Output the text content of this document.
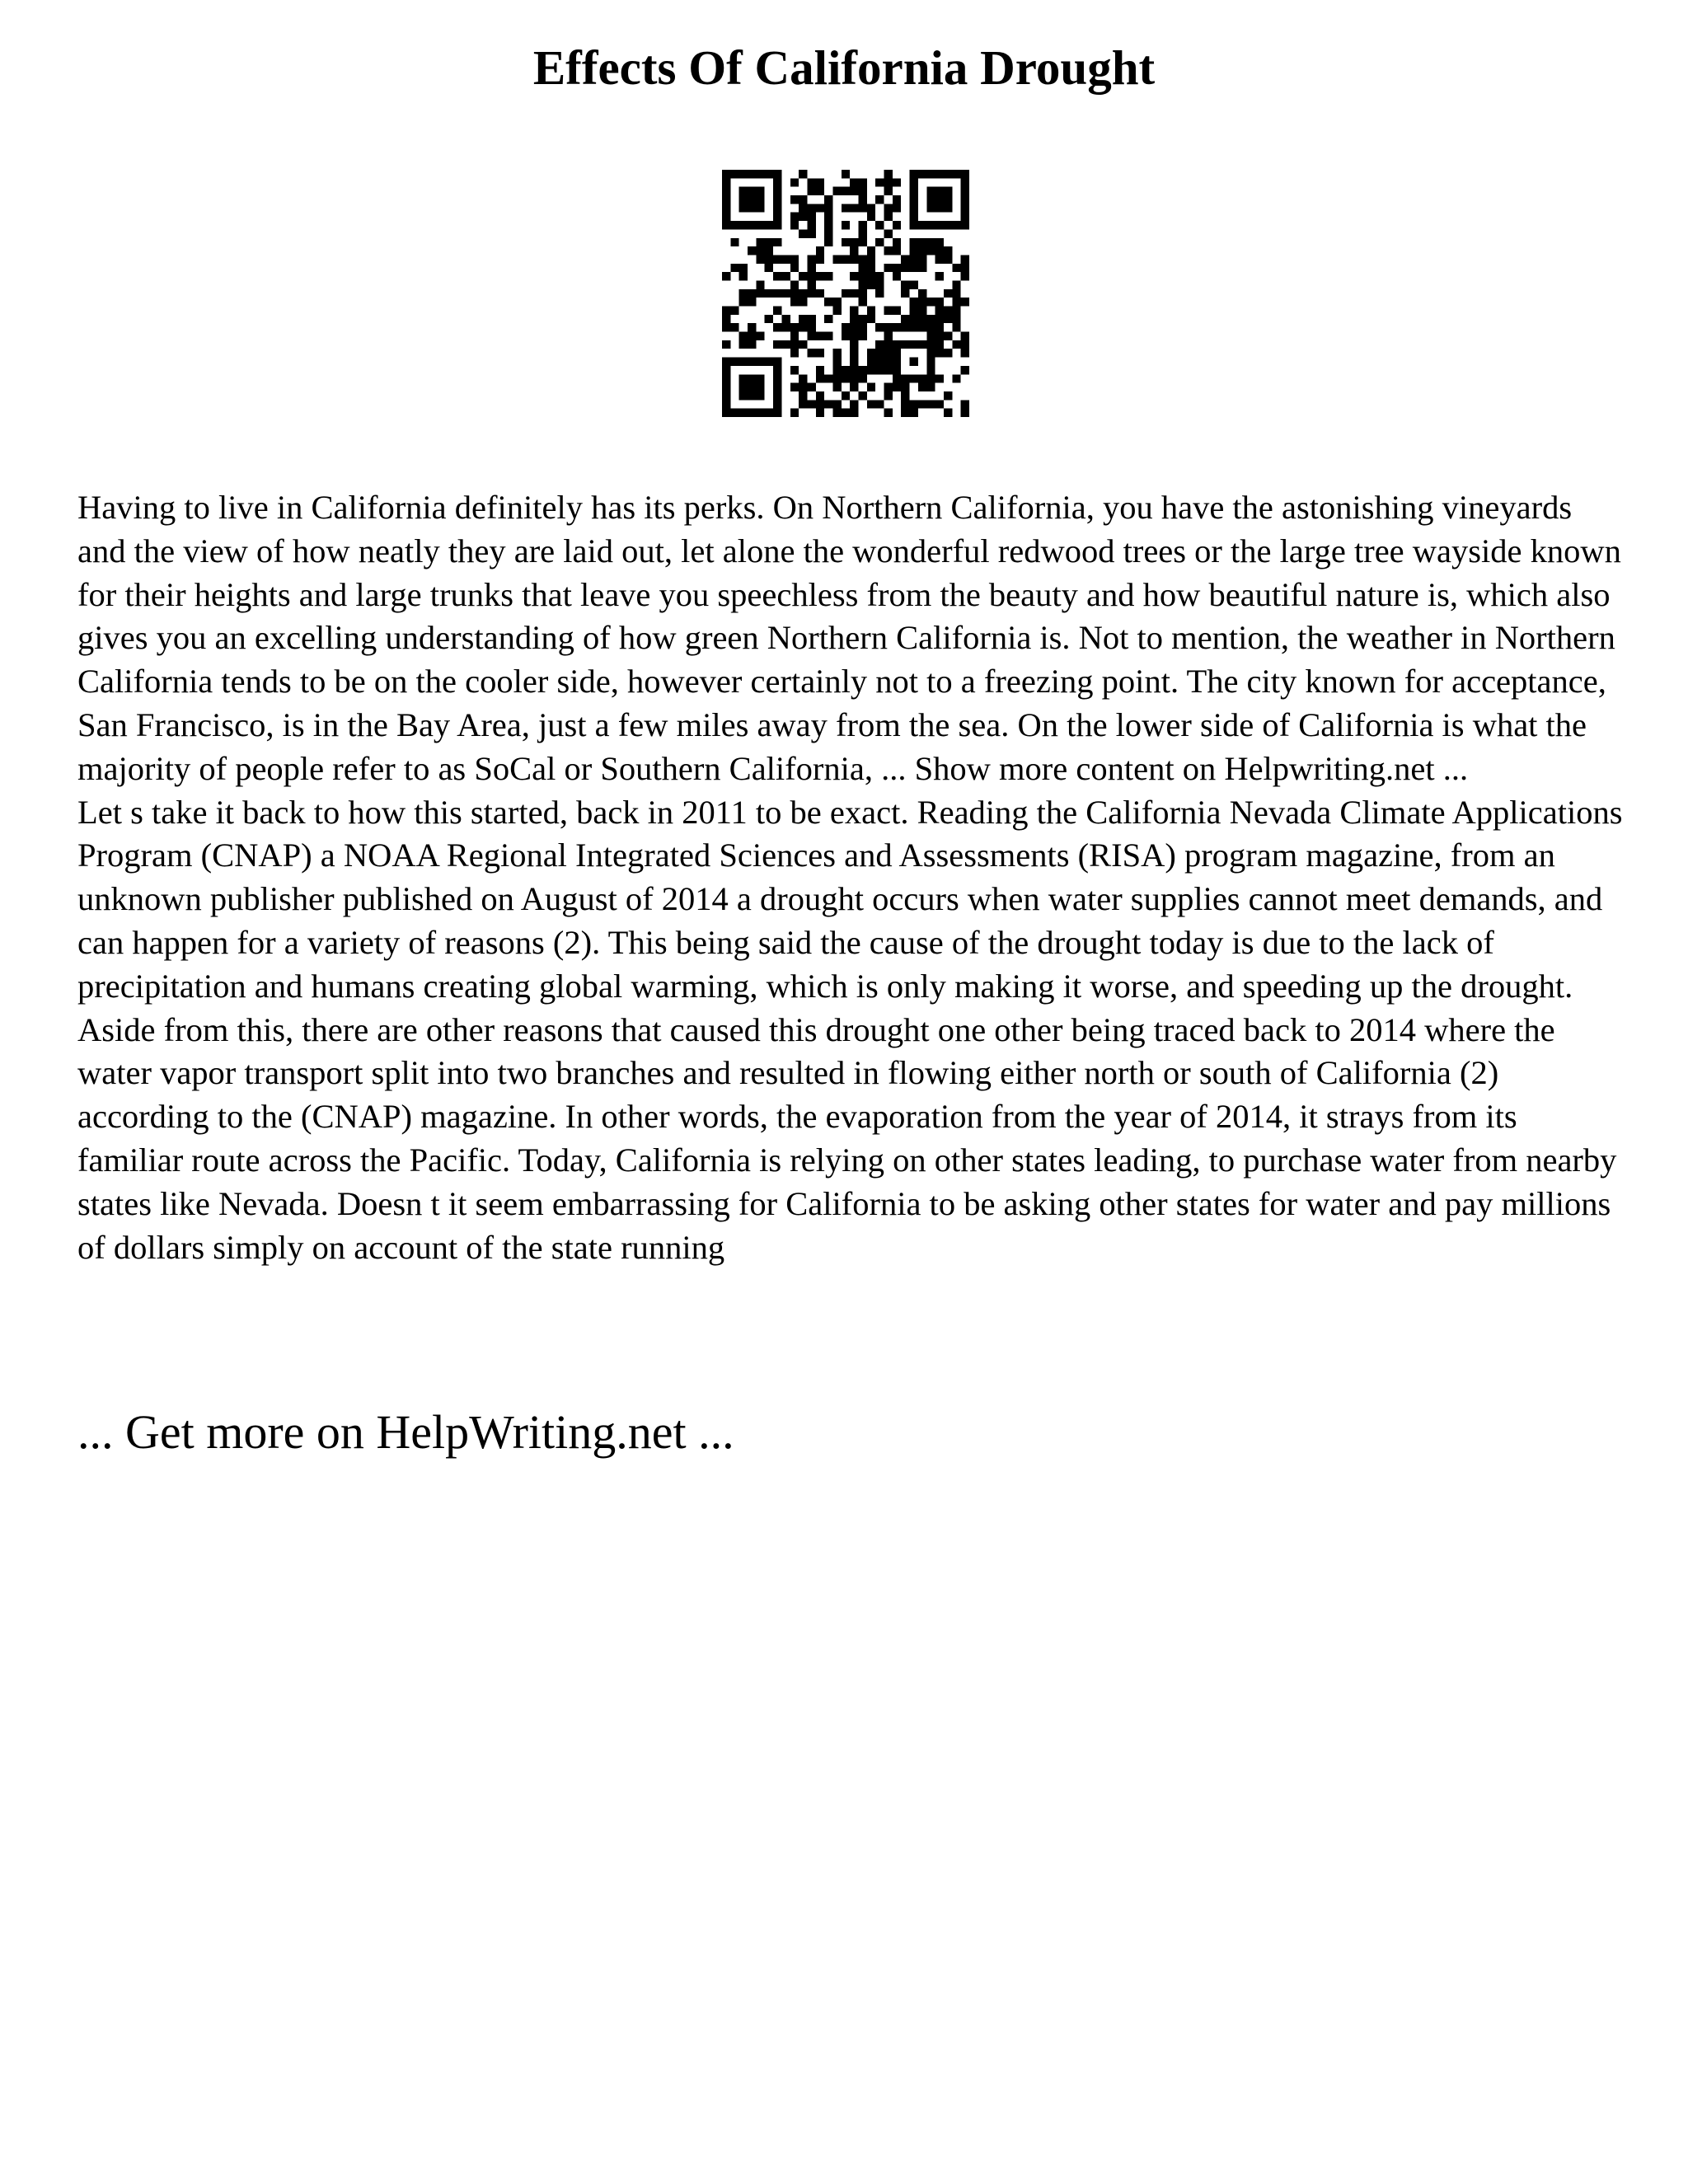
Effects Of California Drought

Having to live in California definitely has its perks. On Northern California, you have the astonishing vineyards and the view of how neatly they are laid out, let alone the wonderful redwood trees or the large tree wayside known for their heights and large trunks that leave you speechless from the beauty and how beautiful nature is, which also gives you an excelling understanding of how green Northern California is. Not to mention, the weather in Northern California tends to be on the cooler side, however certainly not to a freezing point. The city known for acceptance, San Francisco, is in the Bay Area, just a few miles away from the sea. On the lower side of California is what the majority of people refer to as SoCal or Southern California, ... Show more content on Helpwriting.net ...

Let s take it back to how this started, back in 2011 to be exact. Reading the California Nevada Climate Applications Program (CNAP) a NOAA Regional Integrated Sciences and Assessments (RISA) program magazine, from an unknown publisher published on August of 2014 a drought occurs when water supplies cannot meet demands, and can happen for a variety of reasons (2). This being said the cause of the drought today is due to the lack of precipitation and humans creating global warming, which is only making it worse, and speeding up the drought. Aside from this, there are other reasons that caused this drought one other being traced back to 2014 where the water vapor transport split into two branches and resulted in flowing either north or south of California (2) according to the (CNAP) magazine. In other words, the evaporation from the year of 2014, it strays from its familiar route across the Pacific. Today, California is relying on other states leading, to purchase water from nearby states like Nevada. Doesn t it seem embarrassing for California to be asking other states for water and pay millions of dollars simply on account of the state running

... Get more on HelpWriting.net ...
